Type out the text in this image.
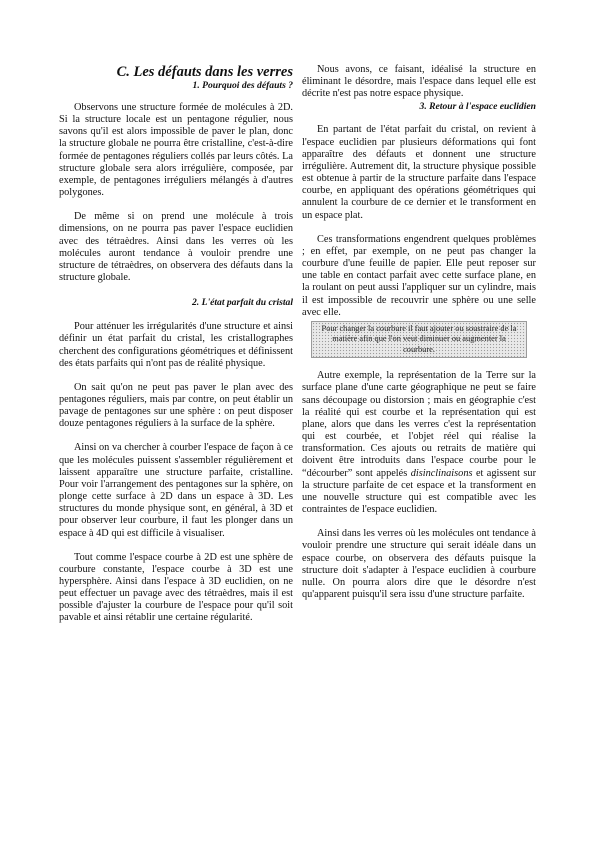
C. Les défauts dans les verres
1. Pourquoi des défauts ?

Observons une structure formée de molécules à 2D. Si la structure locale est un pentagone régulier, nous savons qu'il est alors impossible de paver le plan, donc la structure globale ne pourra être cristalline, c'est-à-dire formée de pentagones réguliers collés par leurs côtés. La structure globale sera alors irrégulière, composée, par exemple, de pentagones irréguliers mélangés à d'autres polygones.

De même si on prend une molécule à trois dimensions, on ne pourra pas paver l'espace euclidien avec des tétraèdres. Ainsi dans les verres où les molécules auront tendance à vouloir prendre une structure de tétraèdres, on observera des défauts dans la structure globale.

2. L'état parfait du cristal

Pour atténuer les irrégularités d'une structure et ainsi définir un état parfait du cristal, les cristallographes cherchent des configurations géométriques et définissent des états parfaits qui n'ont pas de réalité physique.

On sait qu'on ne peut pas paver le plan avec des pentagones réguliers, mais par contre, on peut établir un pavage de pentagones sur une sphère : on peut disposer douze pentagones réguliers à la surface de la sphère.

Ainsi on va chercher à courber l'espace de façon à ce que les molécules puissent s'assembler régulièrement et laissent apparaître une structure parfaite, cristalline. Pour voir l'arrangement des pentagones sur la sphère, on plonge cette surface à 2D dans un espace à 3D. Les structures du monde physique sont, en général, à 3D et pour observer leur courbure, il faut les plonger dans un espace à 4D qui est difficile à visualiser.

Tout comme l'espace courbe à 2D est une sphère de courbure constante, l'espace courbe à 3D est une hypersphère. Ainsi dans l'espace à 3D euclidien, on ne peut effectuer un pavage avec des tétraèdres, mais il est possible d'ajuster la courbure de l'espace pour qu'il soit pavable et ainsi rétablir une certaine régularité.

Nous avons, ce faisant, idéalisé la structure en éliminant le désordre, mais l'espace dans lequel elle est décrite n'est pas notre espace physique.

3. Retour à l'espace euclidien

En partant de l'état parfait du cristal, on revient à l'espace euclidien par plusieurs déformations qui font apparaître des défauts et donnent une structure irrégulière. Autrement dit, la structure physique possible est obtenue à partir de la structure parfaite dans l'espace courbe, en appliquant des opérations géométriques qui annulent la courbure de ce dernier et le transforment en un espace plat.

Ces transformations engendrent quelques problèmes ; en effet, par exemple, on ne peut pas changer la courbure d'une feuille de papier. Elle peut reposer sur une table en contact parfait avec cette surface plane, en la roulant on peut aussi l'appliquer sur un cylindre, mais il est impossible de recouvrir une sphère ou une selle avec elle.

Pour changer la courbure il faut ajouter ou soustraire de la matière afin que l'on veut diminuer ou augmenter la courbure.

Autre exemple, la représentation de la Terre sur la surface plane d'une carte géographique ne peut se faire sans découpage ou distorsion ; mais en géographie c'est la réalité qui est courbe et la représentation qui est plane, alors que dans les verres c'est la représentation qui est courbée, et l'objet réel qui réalise la transformation. Ces ajouts ou retraits de matière qui doivent être introduits dans l'espace courbe pour le “décourber” sont appelés disinclinaisons et agissent sur la structure parfaite de cet espace et la transforment en une nouvelle structure qui est compatible avec les contraintes de l'espace euclidien.

Ainsi dans les verres où les molécules ont tendance à vouloir prendre une structure qui serait idéale dans un espace courbe, on observera des défauts puisque la structure doit s'adapter à l'espace euclidien à courbure nulle. On pourra alors dire que le désordre n'est qu'apparent puisqu'il sera issu d'une structure parfaite.
